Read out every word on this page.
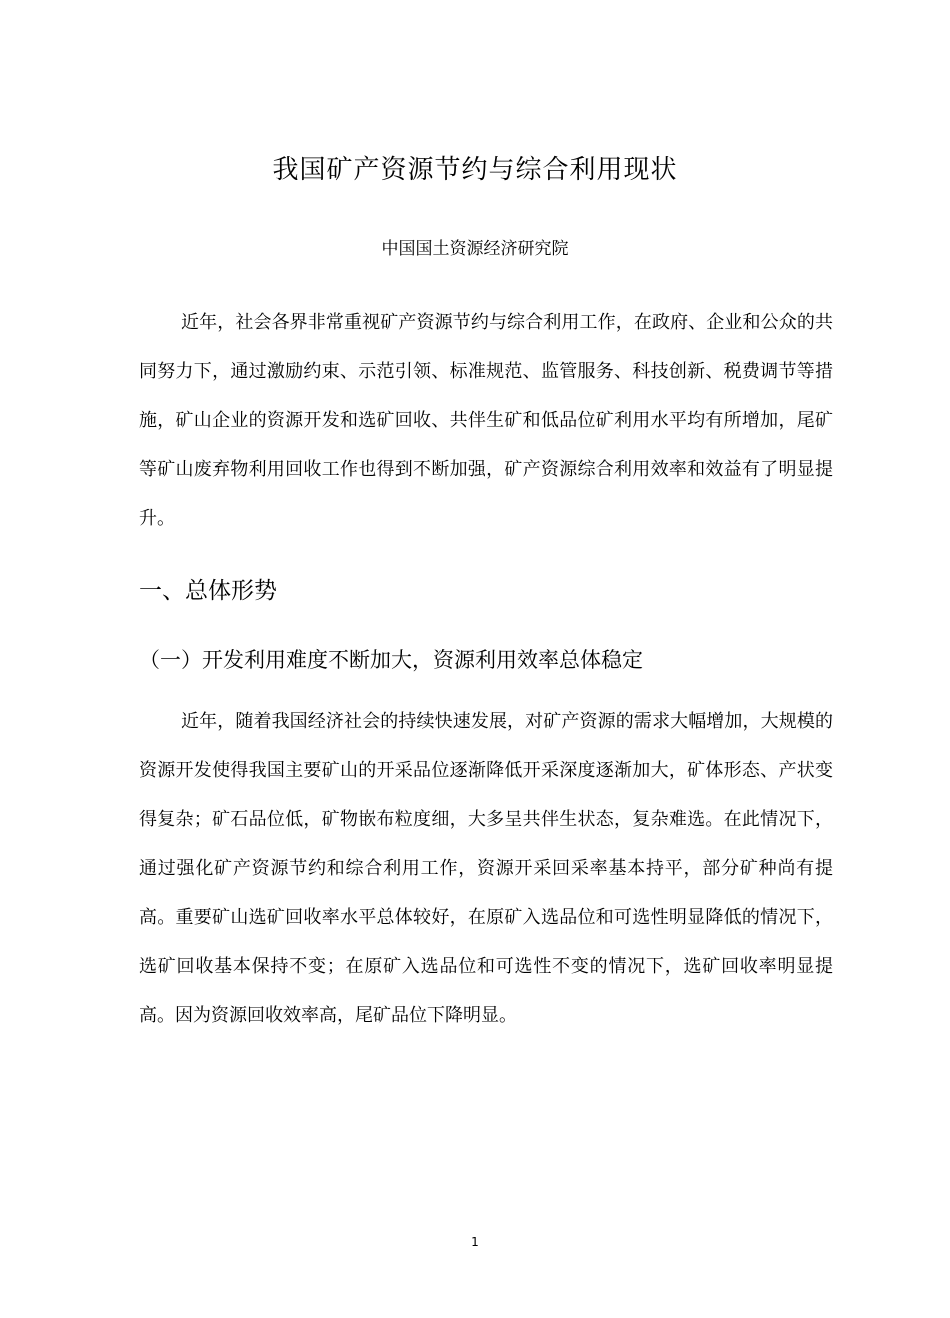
我国矿产资源节约与综合利用现状

中国国土资源经济研究院

近年，社会各界非常重视矿产资源节约与综合利用工作，在政府、企业和公众的共同努力下，通过激励约束、示范引领、标准规范、监管服务、科技创新、税费调节等措施，矿山企业的资源开发和选矿回收、共伴生矿和低品位矿利用水平均有所增加，尾矿等矿山废弃物利用回收工作也得到不断加强，矿产资源综合利用效率和效益有了明显提升。

一、总体形势
（一）开发利用难度不断加大，资源利用效率总体稳定

近年，随着我国经济社会的持续快速发展，对矿产资源的需求大幅增加，大规模的资源开发使得我国主要矿山的开采品位逐渐降低开采深度逐渐加大，矿体形态、产状变得复杂；矿石品位低，矿物嵌布粒度细，大多呈共伴生状态，复杂难选。在此情况下，通过强化矿产资源节约和综合利用工作，资源开采回采率基本持平，部分矿种尚有提高。重要矿山选矿回收率水平总体较好，在原矿入选品位和可选性明显降低的情况下，选矿回收基本保持不变；在原矿入选品位和可选性不变的情况下，选矿回收率明显提高。因为资源回收效率高，尾矿品位下降明显。

1
